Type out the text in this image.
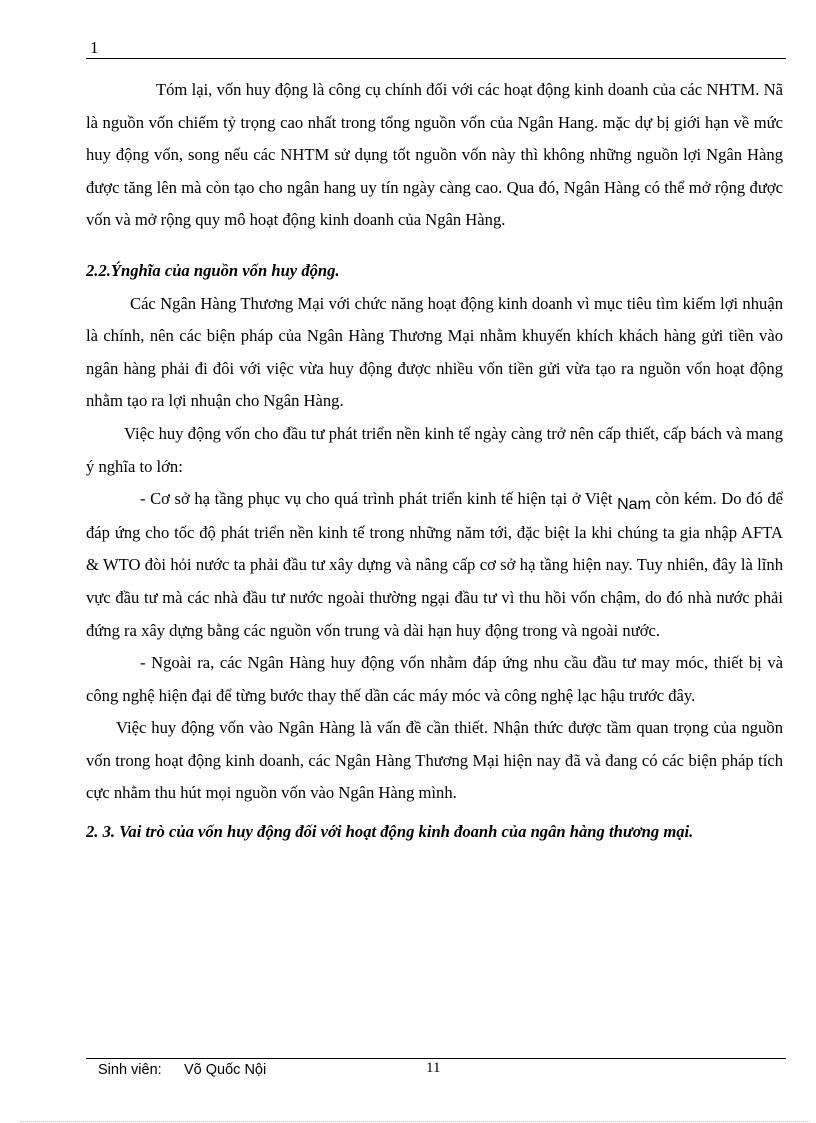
1

Tóm lại, vốn huy động là công cụ chính đối với các hoạt động kinh doanh của các NHTM. Nã là nguồn vốn chiếm tỷ trọng cao nhất trong tổng nguồn vốn của Ngân Hang. mặc dự bị giới hạn về mức huy động vốn, song nếu các NHTM sử dụng tốt nguồn vốn này thì không những nguồn lợi Ngân Hàng được tăng lên mà còn tạo cho ngân hang uy tín ngày càng cao. Qua đó, Ngân Hàng có thể mở rộng được vốn và mở rộng quy mô hoạt động kinh doanh của Ngân Hàng.

2.2.Ýnghĩa của nguồn vốn huy động.

Các Ngân Hàng Thương Mại với chức năng hoạt động kinh doanh vì mục tiêu tìm kiếm lợi nhuận là chính, nên các biện pháp của Ngân Hàng Thương Mại nhằm khuyến khích khách hàng gửi tiền vào ngân hàng phải đi đôi với việc vừa huy động được nhiều vốn tiền gửi vừa tạo ra nguồn vốn hoạt động nhằm tạo ra lợi nhuận cho Ngân Hàng.

Việc huy động vốn cho đầu tư phát triển nền kinh tế ngày càng trở nên cấp thiết, cấp bách và mang ý nghĩa to lớn:

- Cơ sở hạ tầng phục vụ cho quá trình phát triển kinh tế hiện tại ở Việt Nam còn kém. Do đó để đáp ứng cho tốc độ phát triển nền kinh tế trong những năm tới, đặc biệt la khi chúng ta gia nhập AFTA & WTO đòi hỏi nước ta phải đầu tư xây dựng và nâng cấp cơ sở hạ tầng hiện nay. Tuy nhiên, đây là lĩnh vực đầu tư mà các nhà đầu tư nước ngoài thường ngại đầu tư vì thu hồi vốn chậm, do đó nhà nước phải đứng ra xây dựng bằng các nguồn vốn trung và dài hạn huy động trong và ngoài nước.

- Ngoài ra, các Ngân Hàng huy động vốn nhằm đáp ứng nhu cầu đầu tư may móc, thiết bị và công nghệ hiện đại để từng bước thay thế dần các máy móc và công nghệ lạc hậu trước đây.

Việc huy động vốn vào Ngân Hàng là vấn đề cần thiết. Nhận thức được tầm quan trọng của nguồn vốn trong hoạt động kinh doanh, các Ngân Hàng Thương Mại hiện nay đã và đang có các biện pháp tích cực nhằm thu hút mọi nguồn vốn vào Ngân Hàng mình.

2. 3. Vai trò của vốn huy động đối với hoạt động kinh đoanh của ngân hàng thương mại.
Sinh viên: Võ Quốc Nội	11
